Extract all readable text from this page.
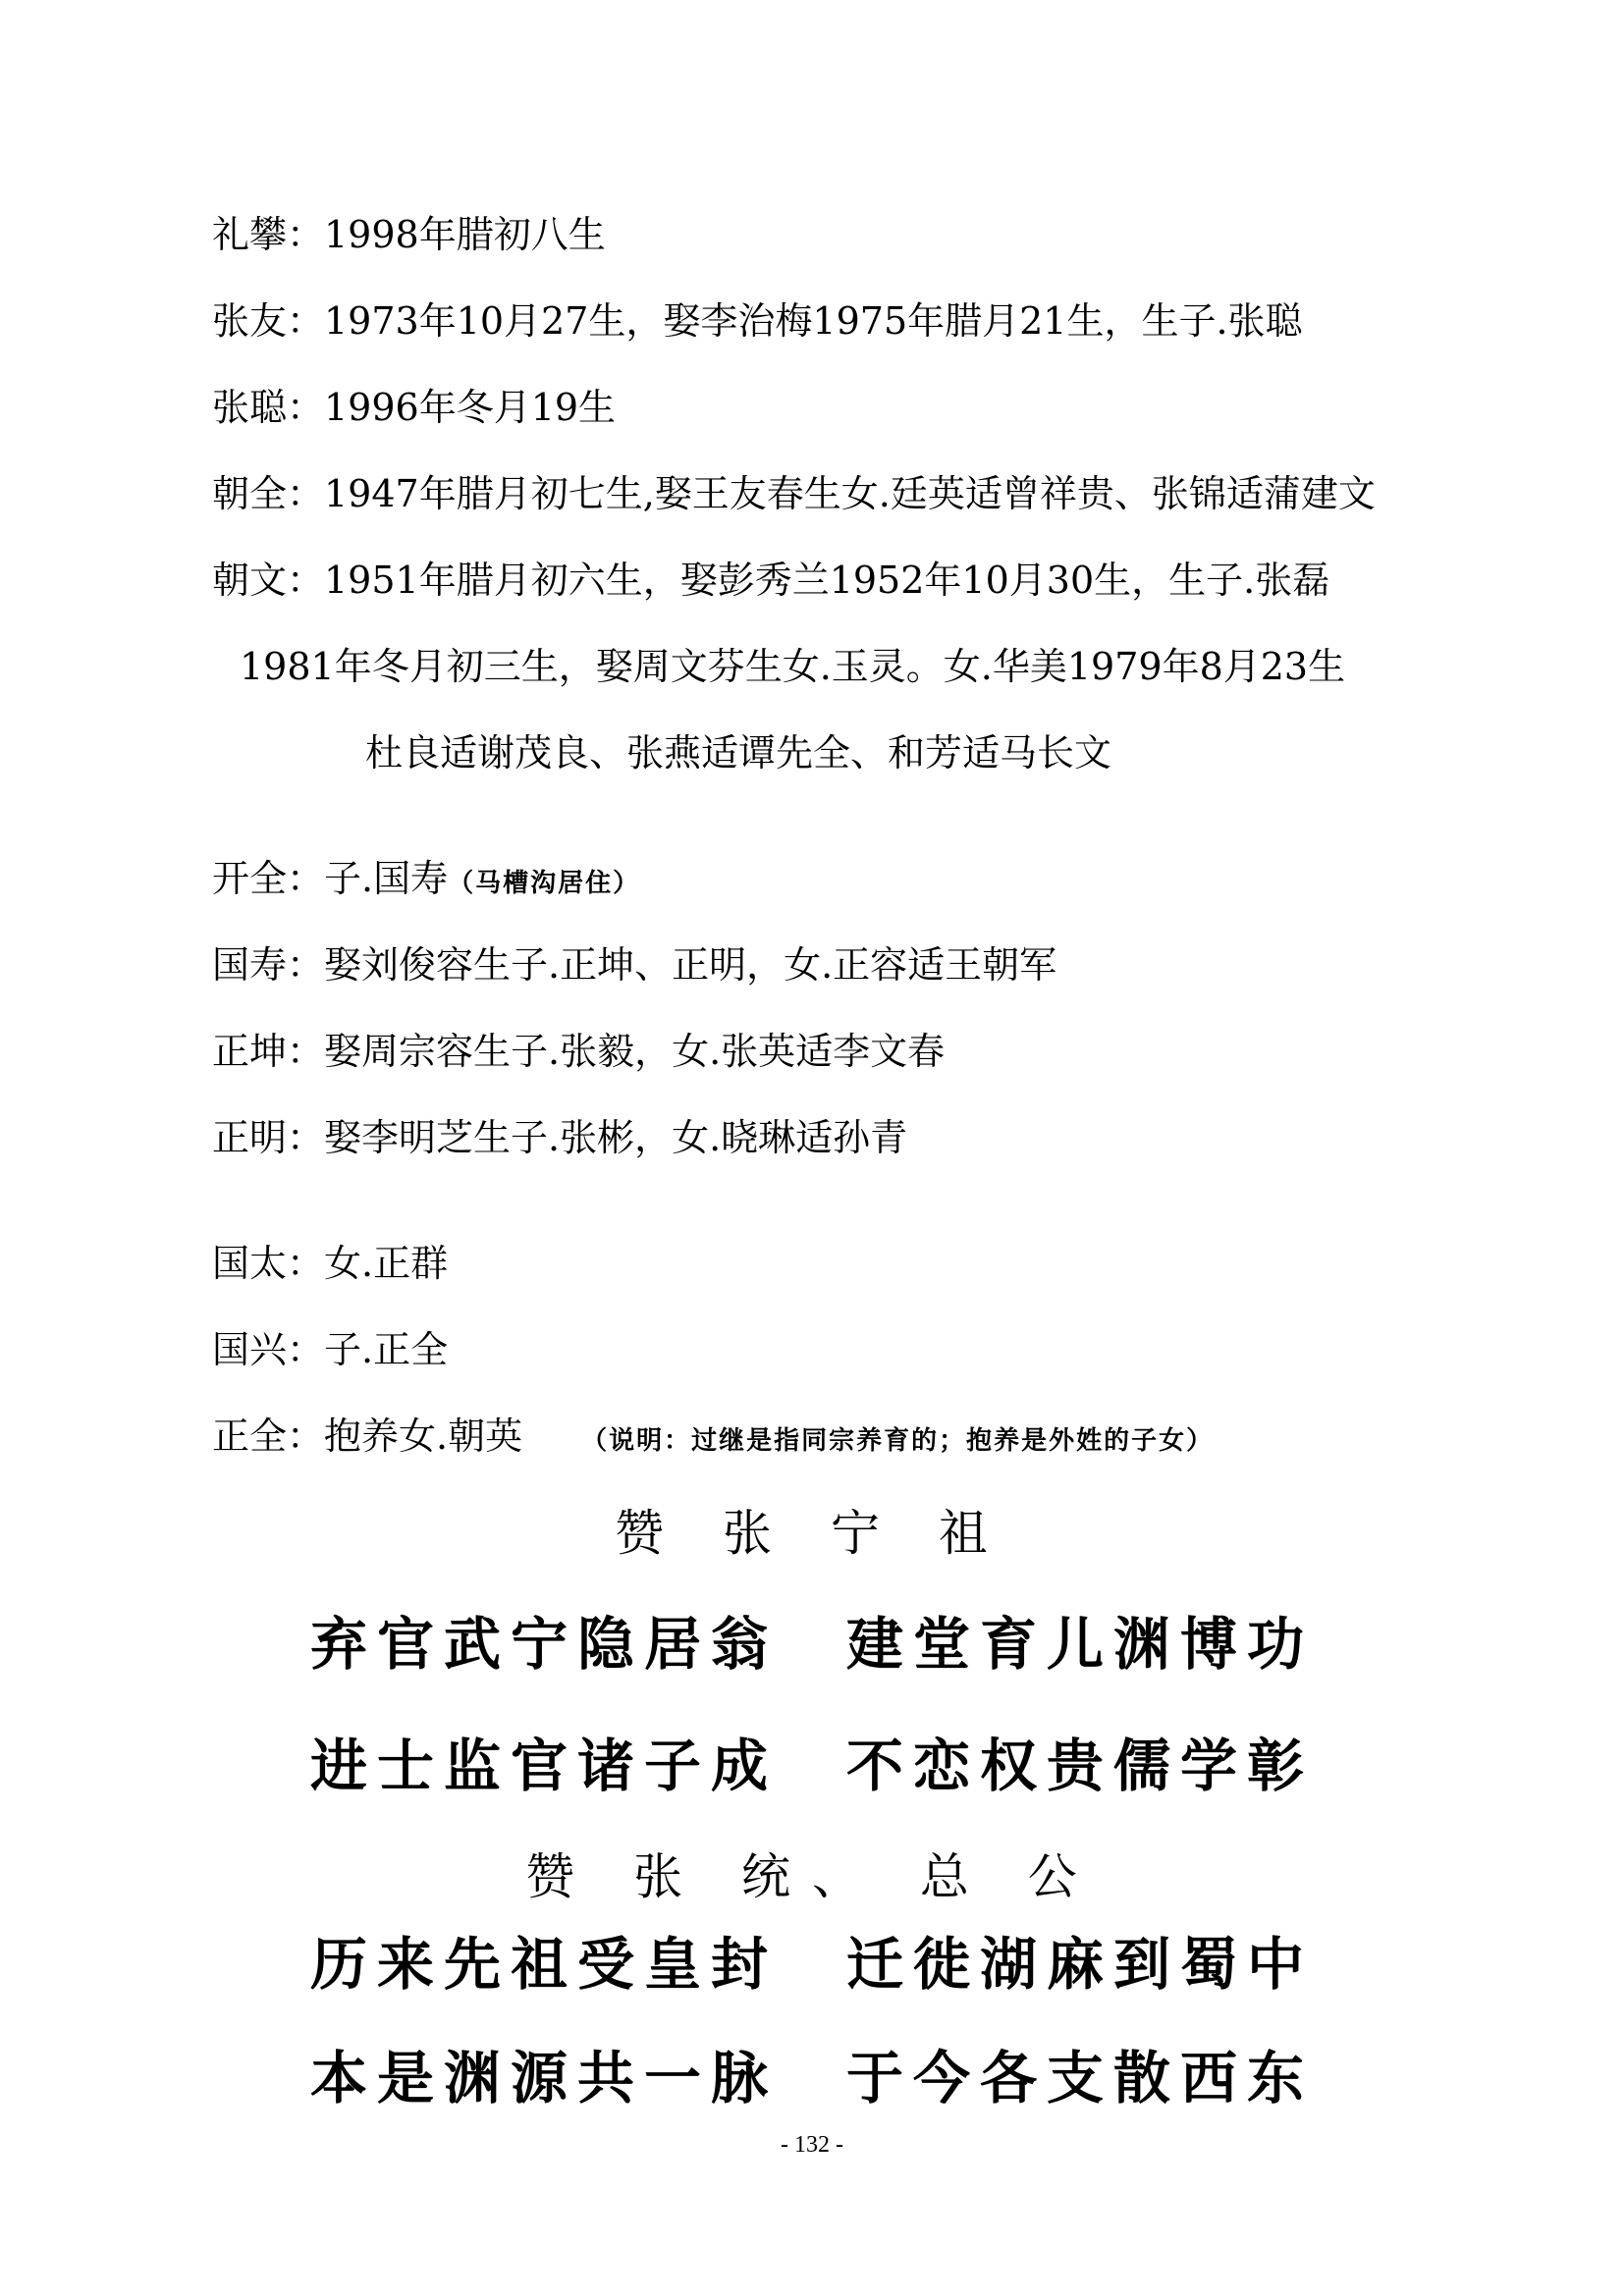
礼攀：1998年腊初八生
张友：1973年10月27生，娶李治梅1975年腊月21生，生子.张聪
张聪：1996年冬月19生
朝全：1947年腊月初七生,娶王友春生女.廷英适曾祥贵、张锦适蒲建文
朝文：1951年腊月初六生，娶彭秀兰1952年10月30生，生子.张磊
1981年冬月初三生，娶周文芬生女.玉灵。女.华美1979年8月23生
杜良适谢茂良、张燕适谭先全、和芳适马长文
开全：子.国寿（马槽沟居住）
国寿：娶刘俊容生子.正坤、正明，女.正容适王朝军
正坤：娶周宗容生子.张毅，女.张英适李文春
正明：娶李明芝生子.张彬，女.晓琳适孙青
国太：女.正群
国兴：子.正全
正全：抱养女.朝英 （说明：过继是指同宗养育的；抱养是外姓的子女）
赞 张 宁 祖
弃官武宁隐居翁 建堂育儿渊博功
进士监官诸子成 不恋权贵儒学彰
赞 张 统、 总 公
历来先祖受皇封 迁徙湖麻到蜀中
本是渊源共一脉 于今各支散西东
- 132 -
